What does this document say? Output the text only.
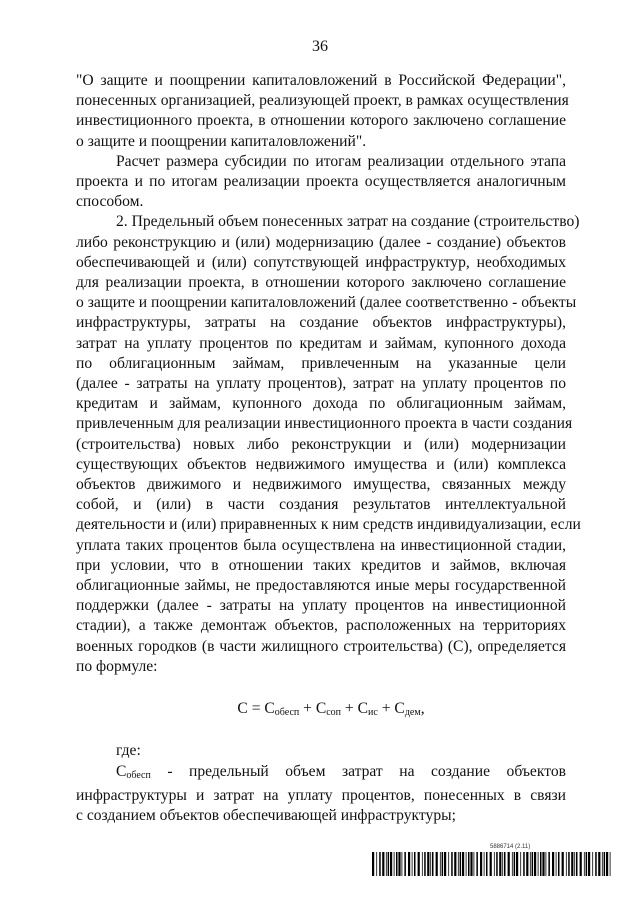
36
"О защите и поощрении капиталовложений в Российской Федерации",
понесенных организацией, реализующей проект, в рамках осуществления
инвестиционного проекта, в отношении которого заключено соглашение
о защите и поощрении капиталовложений".
Расчет размера субсидии по итогам реализации отдельного этапа
проекта и по итогам реализации проекта осуществляется аналогичным
способом.
2. Предельный объем понесенных затрат на создание (строительство)
либо реконструкцию и (или) модернизацию (далее - создание) объектов
обеспечивающей и (или) сопутствующей инфраструктур, необходимых
для реализации проекта, в отношении которого заключено соглашение
о защите и поощрении капиталовложений (далее соответственно - объекты
инфраструктуры, затраты на создание объектов инфраструктуры),
затрат на уплату процентов по кредитам и займам, купонного дохода
по облигационным займам, привлеченным на указанные цели
(далее - затраты на уплату процентов), затрат на уплату процентов по
кредитам и займам, купонного дохода по облигационным займам,
привлеченным для реализации инвестиционного проекта в части создания
(строительства) новых либо реконструкции и (или) модернизации
существующих объектов недвижимого имущества и (или) комплекса
объектов движимого и недвижимого имущества, связанных между
собой, и (или) в части создания результатов интеллектуальной
деятельности и (или) приравненных к ним средств индивидуализации, если
уплата таких процентов была осуществлена на инвестиционной стадии,
при условии, что в отношении таких кредитов и займов, включая
облигационные займы, не предоставляются иные меры государственной
поддержки (далее - затраты на уплату процентов на инвестиционной
стадии), а также демонтаж объектов, расположенных на территориях
военных городков (в части жилищного строительства) (С), определяется
по формуле:
$С = С_{обесп} + С_{соп} + С_{ис} + С_{дем}$,
где:
$С_{обесп}$ - предельный объем затрат на создание объектов
инфраструктуры и затрат на уплату процентов, понесенных в связи
с созданием объектов обеспечивающей инфраструктуры;
5886714 (2.11)
